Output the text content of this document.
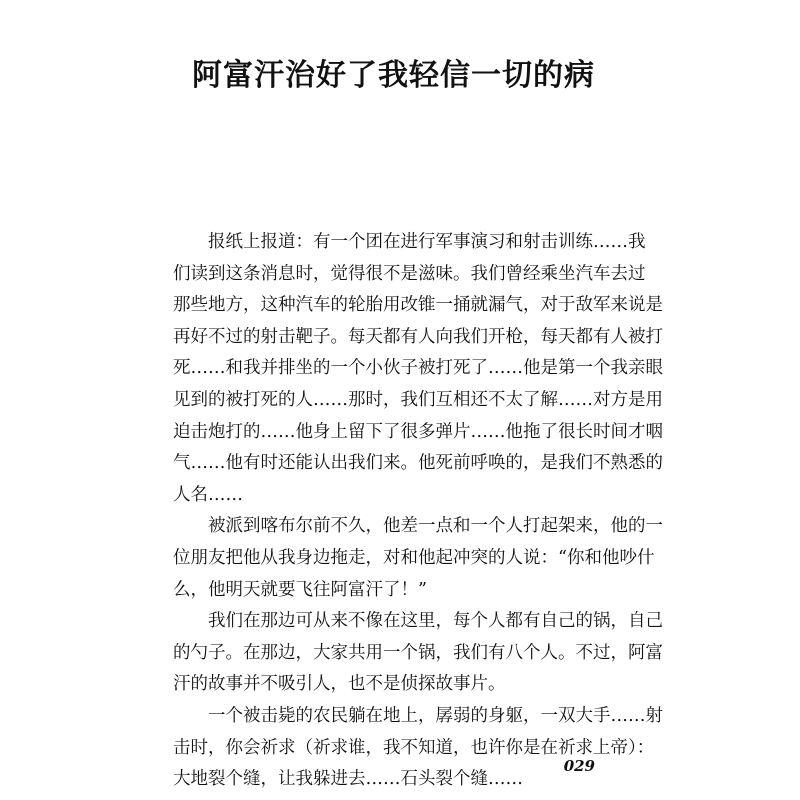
阿富汗治好了我轻信一切的病
报纸上报道：有一个团在进行军事演习和射击训练……我
们读到这条消息时，觉得很不是滋味。我们曾经乘坐汽车去过
那些地方，这种汽车的轮胎用改锥一捅就漏气，对于敌军来说是
再好不过的射击靶子。每天都有人向我们开枪，每天都有人被打
死……和我并排坐的一个小伙子被打死了……他是第一个我亲眼
见到的被打死的人……那时，我们互相还不太了解……对方是用
迫击炮打的……他身上留下了很多弹片……他拖了很长时间才咽
气……他有时还能认出我们来。他死前呼唤的，是我们不熟悉的
人名……
被派到喀布尔前不久，他差一点和一个人打起架来，他的一
位朋友把他从我身边拖走，对和他起冲突的人说：“你和他吵什
么，他明天就要飞往阿富汗了！”
我们在那边可从来不像在这里，每个人都有自己的锅，自己
的勺子。在那边，大家共用一个锅，我们有八个人。不过，阿富
汗的故事并不吸引人，也不是侦探故事片。
一个被击毙的农民躺在地上，孱弱的身躯，一双大手……射
击时，你会祈求（祈求谁，我不知道，也许你是在祈求上帝）：
大地裂个缝，让我躲进去……石头裂个缝……
029
